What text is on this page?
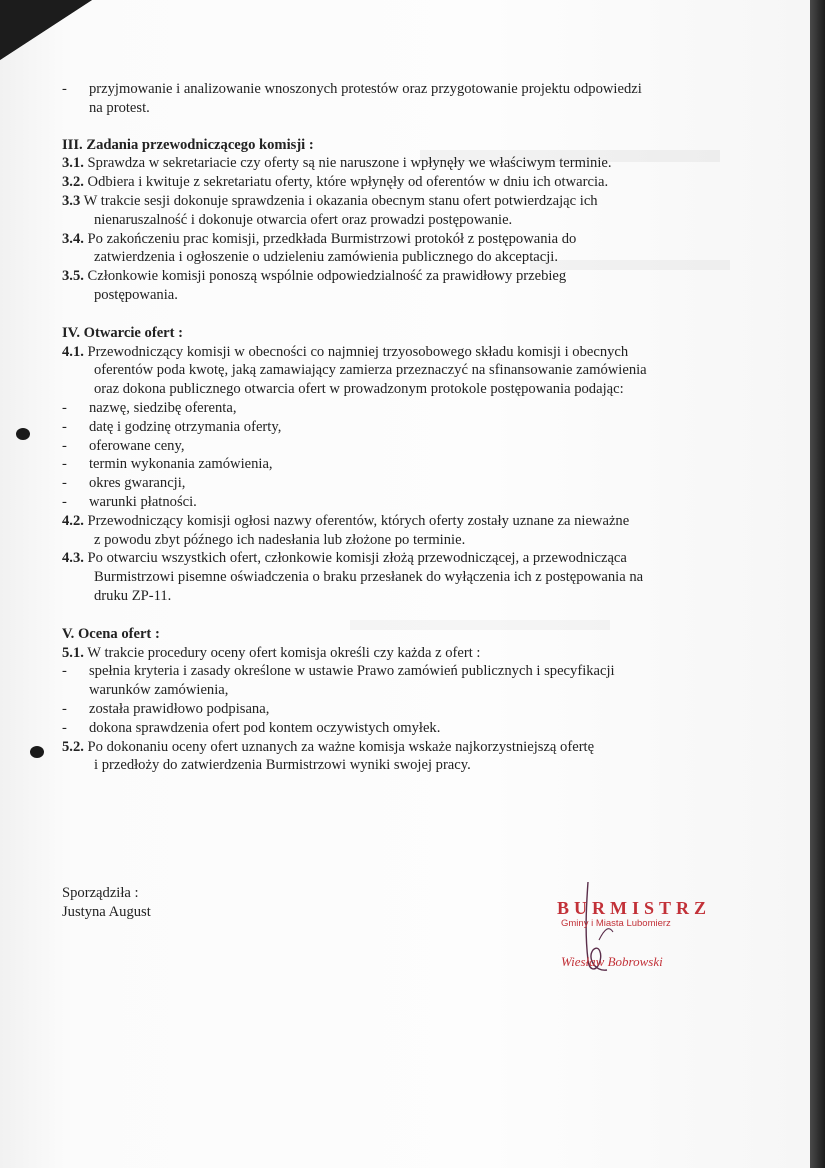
- przyjmowanie i analizowanie wnoszonych protestów oraz przygotowanie projektu odpowiedzi
na protest.
III. Zadania przewodniczącego komisji :
3.1. Sprawdza w sekretariacie czy oferty są nie naruszone i wpłynęły we właściwym terminie.
3.2. Odbiera i kwituje z sekretariatu oferty, które wpłynęły od oferentów w dniu ich otwarcia.
3.3 W trakcie sesji dokonuje sprawdzenia i okazania obecnym stanu ofert potwierdzając ich
nienaruszalność i dokonuje otwarcia ofert oraz prowadzi postępowanie.
3.4. Po zakończeniu prac komisji, przedkłada Burmistrzowi protokół z postępowania do
zatwierdzenia i ogłoszenie o udzieleniu zamówienia publicznego do akceptacji.
3.5. Członkowie komisji ponoszą wspólnie odpowiedzialność za prawidłowy przebieg
postępowania.
IV. Otwarcie ofert :
4.1. Przewodniczący komisji w obecności co najmniej trzyosobowego składu komisji i obecnych
oferentów poda kwotę, jaką zamawiający zamierza przeznaczyć na sfinansowanie zamówienia
oraz dokona publicznego otwarcia ofert w prowadzonym protokole postępowania podając:
- nazwę, siedzibę oferenta,
- datę i godzinę otrzymania oferty,
- oferowane ceny,
- termin wykonania zamówienia,
- okres gwarancji,
- warunki płatności.
4.2. Przewodniczący komisji ogłosi nazwy oferentów, których oferty zostały uznane za nieważne
z powodu zbyt późnego ich nadesłania lub złożone po terminie.
4.3. Po otwarciu wszystkich ofert, członkowie komisji złożą przewodniczącej, a przewodnicząca
Burmistrzowi pisemne oświadczenia o braku przesłanek do wyłączenia ich z postępowania na
druku ZP-11.
V. Ocena ofert :
5.1. W trakcie procedury oceny ofert komisja określi czy każda z ofert :
- spełnia kryteria i zasady określone w ustawie Prawo zamówień publicznych i specyfikacji
warunków zamówienia,
- została prawidłowo podpisana,
- dokona sprawdzenia ofert pod kontem oczywistych omyłek.
5.2. Po dokonaniu oceny ofert uznanych za ważne komisja wskaże najkorzystniejszą ofertę
i przedłoży do zatwierdzenia Burmistrzowi wyniki swojej pracy.
Sporządziła :
Justyna August	BURMISTRZ
Gminy i Miasta Lubomierz
Wiesław Bobrowski
